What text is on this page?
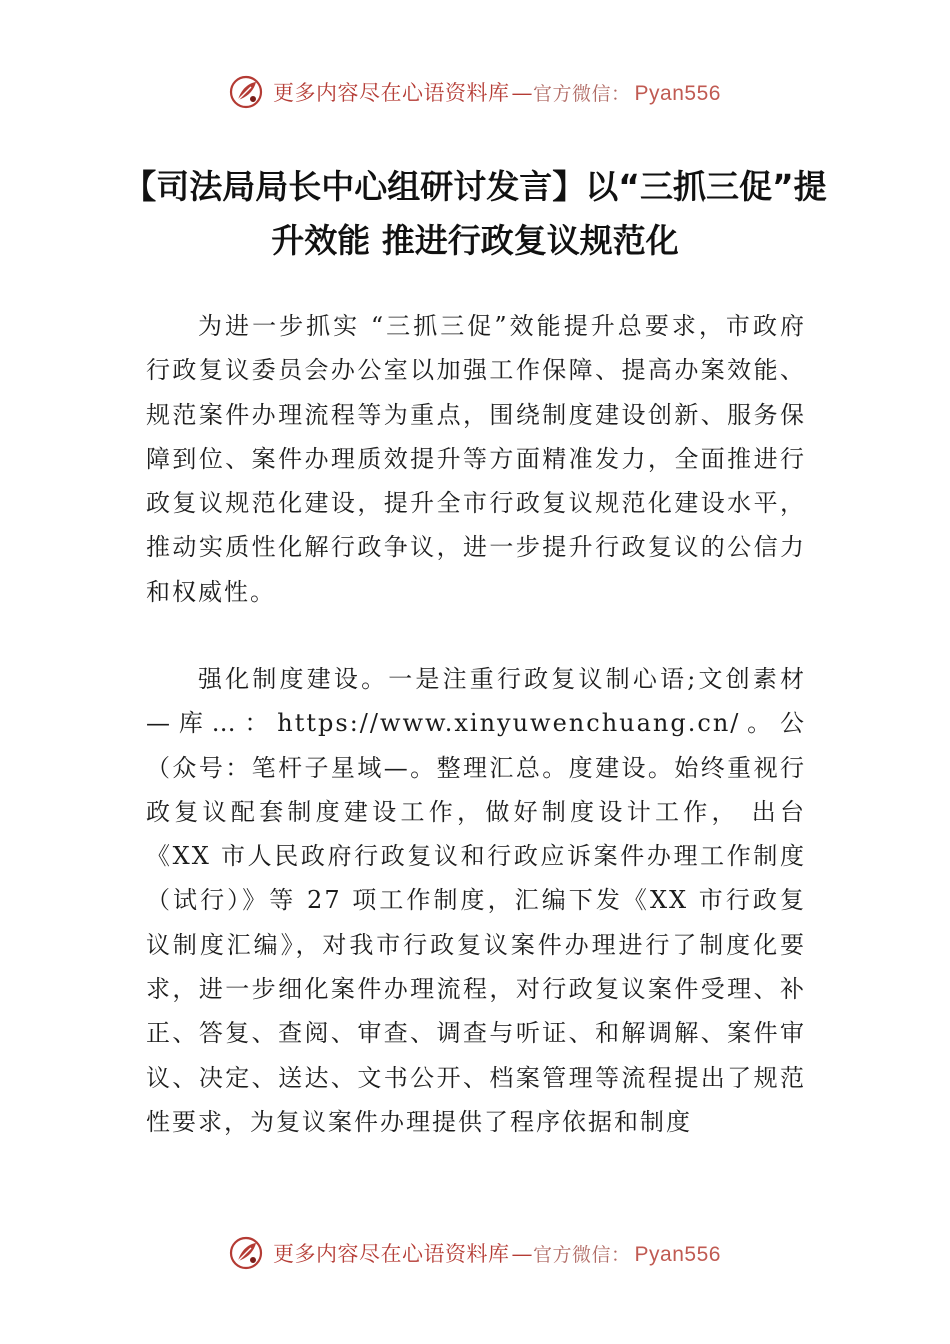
更多内容尽在心语资料库 — 官方微信： Pyan556
【司法局局长中心组研讨发言】以“三抓三促”提升效能 推进行政复议规范化

为进一步抓实 “三抓三促”效能提升总要求，市政府行政复议委员会办公室以加强工作保障、提高办案效能、规范案件办理流程等为重点，围绕制度建设创新、服务保障到位、案件办理质效提升等方面精准发力，全面推进行政复议规范化建设，提升全市行政复议规范化建设水平，推动实质性化解行政争议，进一步提升行政复议的公信力和权威性。

强化制度建设。一是注重行政复议制心语;文创素材—库…：https://www.xinyuwenchuang.cn/。公（众号：笔杆子星域—。整理汇总。度建设。始终重视行政复议配套制度建设工作，做好制度设计工作， 出台《XX 市人民政府行政复议和行政应诉案件办理工作制度（试行）》等 27 项工作制度，汇编下发《XX 市行政复议制度汇编》，对我市行政复议案件办理进行了制度化要求，进一步细化案件办理流程，对行政复议案件受理、补正、答复、查阅、审查、调查与听证、和解调解、案件审议、决定、送达、文书公开、档案管理等流程提出了规范性要求，为复议案件办理提供了程序依据和制度

更多内容尽在心语资料库 — 官方微信： Pyan556
